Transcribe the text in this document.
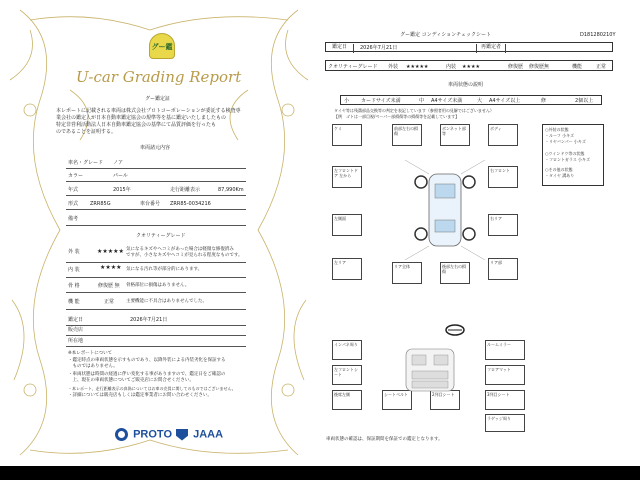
グー鑑
U-car Grading Report
グー鑑定証
本レポートに記載される車両は株式会社プロトコーポレーションが委託する検査専
業会社の鑑定人が日本自動車鑑定協会の規準等を基に鑑定いたしましたもの
特定非営利活動法人日本自動車鑑定協会の基準にて品質評価を行ったも
のであることを証明する。
車両諸元内容
車名・グレード ノア
カラー	パール
年式	2015年	走行距離表示	87,990Km
形式 ZRR85G	車台番号 ZRR85-0034216
備考
クオリティーグレード
外 装	★★★★★ 気になるキズやヘコミがあった場合は軽微な修復済み
ですが、小さなキズやヘコミが見られる程度なものです。
内 装	★★★★ 気になる汚れ等が部分的にあります。
骨 格	修復歴 無 骨格部位に損傷はありません。
機 能	正常	主要機能に不具合はありませんでした。
鑑定日	2026年7月21日
販売店
所在地
※本レポートについて
・鑑定時点の車両状態を示すものであり、以降外装による内装劣化を保証する
　ものではありません。
・車両状態は時間の経過に伴い変化する事がありますので、鑑定日をご確認の
　上、現在の車両状態についてご販売店にお問合せください。
・本レポート、走行距離表示の真偽についてはお車の売買に関してのものではございません。
・詳細については販売店もしくは鑑定事業者にお問い合わせください。
PROTO	JAAA
D181280210Y
グー鑑定 コンディションチェックシート
鑑定日	2026年7月21日	再鑑定者
クオリティーグレード 外装 ★★★★★	内装 ★★★★	修復歴 修復歴無	機能	正常
車両状態の説明
小 カードサイズ未満	中 A4サイズ未満	大 A4サイズ以上	修	2個以上
タイヤ等は残溝部品交換等の判定を表記しています（参照者用の見解ではございません）
【例　ゴトは一部目視/ペーパー部損傷等の損傷等を記載しています】
ケミ	前部左右の損傷
ボンネット部等
ボディ
左フロントドア 左から
右フロント
左側面	右リア
左リア	リア部
リア全体	後部左右の損傷
○外装の状態
・ルーフ 小キズ
・リヤバンパー 小キズ
○ウインドウ等の状態
・フロントガラス 小キズ
○その他の状態
・タイヤ 溝あり
インパネ周り
左フロントシート
後席左側	シートベルト	2列目シート
ルームミラー
フロアマット
3列目シート
ラゲッジ周り
車両状態の確認は、保証期間を保証での鑑定となります。
